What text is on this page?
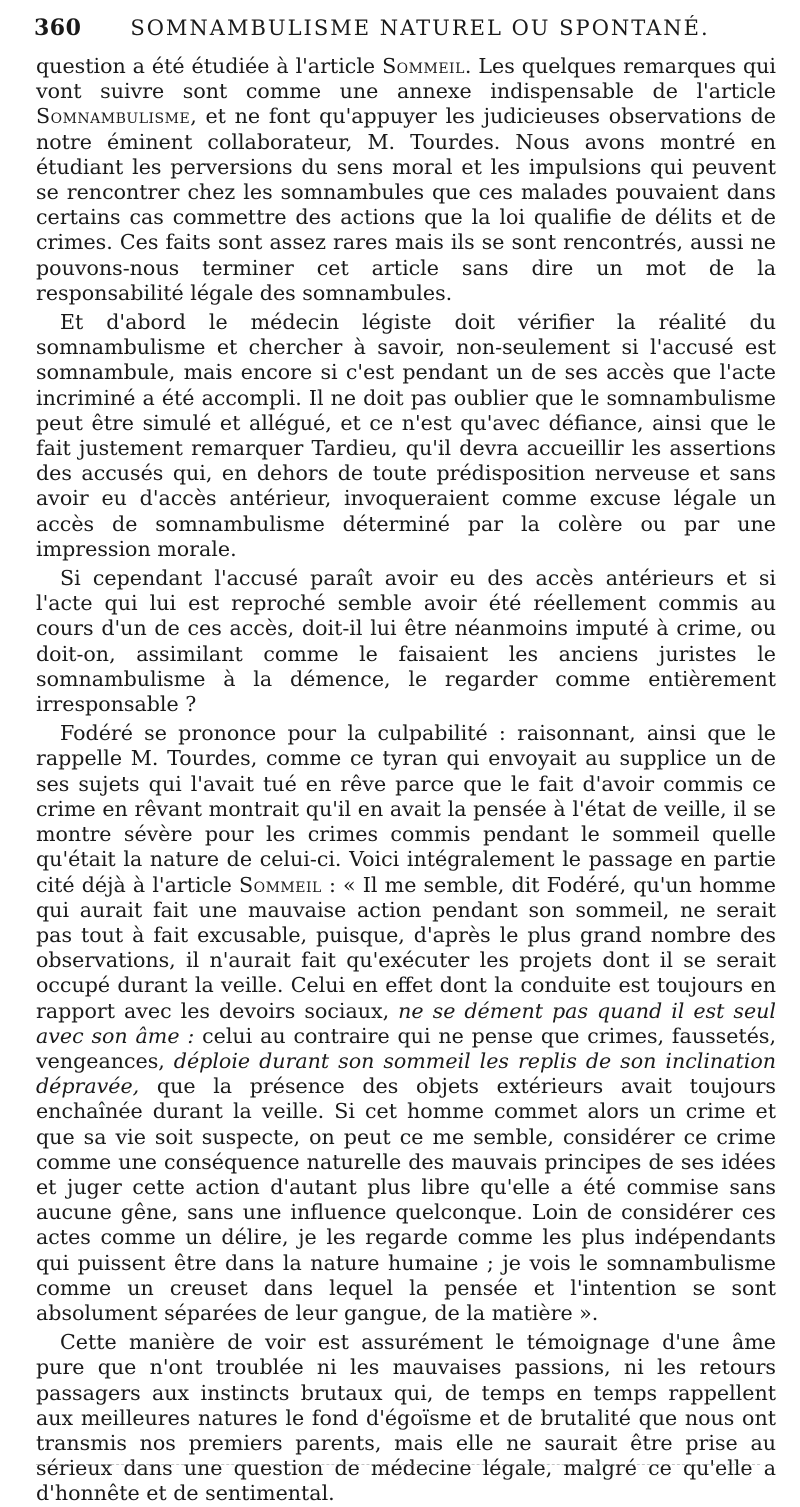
360	SOMNAMBULISME NATUREL OU SPONTANÉ.

question a été étudiée à l'article Sommeil. Les quelques remarques qui vont suivre sont comme une annexe indispensable de l'article Somnambulisme, et ne font qu'appuyer les judicieuses observations de notre éminent collaborateur, M. Tourdes. Nous avons montré en étudiant les perversions du sens moral et les impulsions qui peuvent se rencontrer chez les somnambules que ces malades pouvaient dans certains cas commettre des actions que la loi qualifie de délits et de crimes. Ces faits sont assez rares mais ils se sont rencontrés, aussi ne pouvons-nous terminer cet article sans dire un mot de la responsabilité légale des somnambules.

Et d'abord le médecin légiste doit vérifier la réalité du somnambulisme et chercher à savoir, non-seulement si l'accusé est somnambule, mais encore si c'est pendant un de ses accès que l'acte incriminé a été accompli. Il ne doit pas oublier que le somnambulisme peut être simulé et allégué, et ce n'est qu'avec défiance, ainsi que le fait justement remarquer Tardieu, qu'il devra accueillir les assertions des accusés qui, en dehors de toute prédisposition nerveuse et sans avoir eu d'accès antérieur, invoqueraient comme excuse légale un accès de somnambulisme déterminé par la colère ou par une impression morale.

Si cependant l'accusé paraît avoir eu des accès antérieurs et si l'acte qui lui est reproché semble avoir été réellement commis au cours d'un de ces accès, doit-il lui être néanmoins imputé à crime, ou doit-on, assimilant comme le faisaient les anciens juristes le somnambulisme à la démence, le regarder comme entièrement irresponsable ?

Fodéré se prononce pour la culpabilité : raisonnant, ainsi que le rappelle M. Tourdes, comme ce tyran qui envoyait au supplice un de ses sujets qui l'avait tué en rêve parce que le fait d'avoir commis ce crime en rêvant montrait qu'il en avait la pensée à l'état de veille, il se montre sévère pour les crimes commis pendant le sommeil quelle qu'était la nature de celui-ci. Voici intégralement le passage en partie cité déjà à l'article Sommeil : « Il me semble, dit Fodéré, qu'un homme qui aurait fait une mauvaise action pendant son sommeil, ne serait pas tout à fait excusable, puisque, d'après le plus grand nombre des observations, il n'aurait fait qu'exécuter les projets dont il se serait occupé durant la veille. Celui en effet dont la conduite est toujours en rapport avec les devoirs sociaux, ne se dément pas quand il est seul avec son âme : celui au contraire qui ne pense que crimes, faussetés, vengeances, déploie durant son sommeil les replis de son inclination dépravée, que la présence des objets extérieurs avait toujours enchaînée durant la veille. Si cet homme commet alors un crime et que sa vie soit suspecte, on peut ce me semble, considérer ce crime comme une conséquence naturelle des mauvais principes de ses idées et juger cette action d'autant plus libre qu'elle a été commise sans aucune gêne, sans une influence quelconque. Loin de considérer ces actes comme un délire, je les regarde comme les plus indépendants qui puissent être dans la nature humaine ; je vois le somnambulisme comme un creuset dans lequel la pensée et l'intention se sont absolument séparées de leur gangue, de la matière ».

Cette manière de voir est assurément le témoignage d'une âme pure que n'ont troublée ni les mauvaises passions, ni les retours passagers aux instincts brutaux qui, de temps en temps rappellent aux meilleures natures le fond d'égoïsme et de brutalité que nous ont transmis nos premiers parents, mais elle ne saurait être prise au sérieux dans une question de médecine légale, malgré ce qu'elle a d'honnête et de sentimental.
